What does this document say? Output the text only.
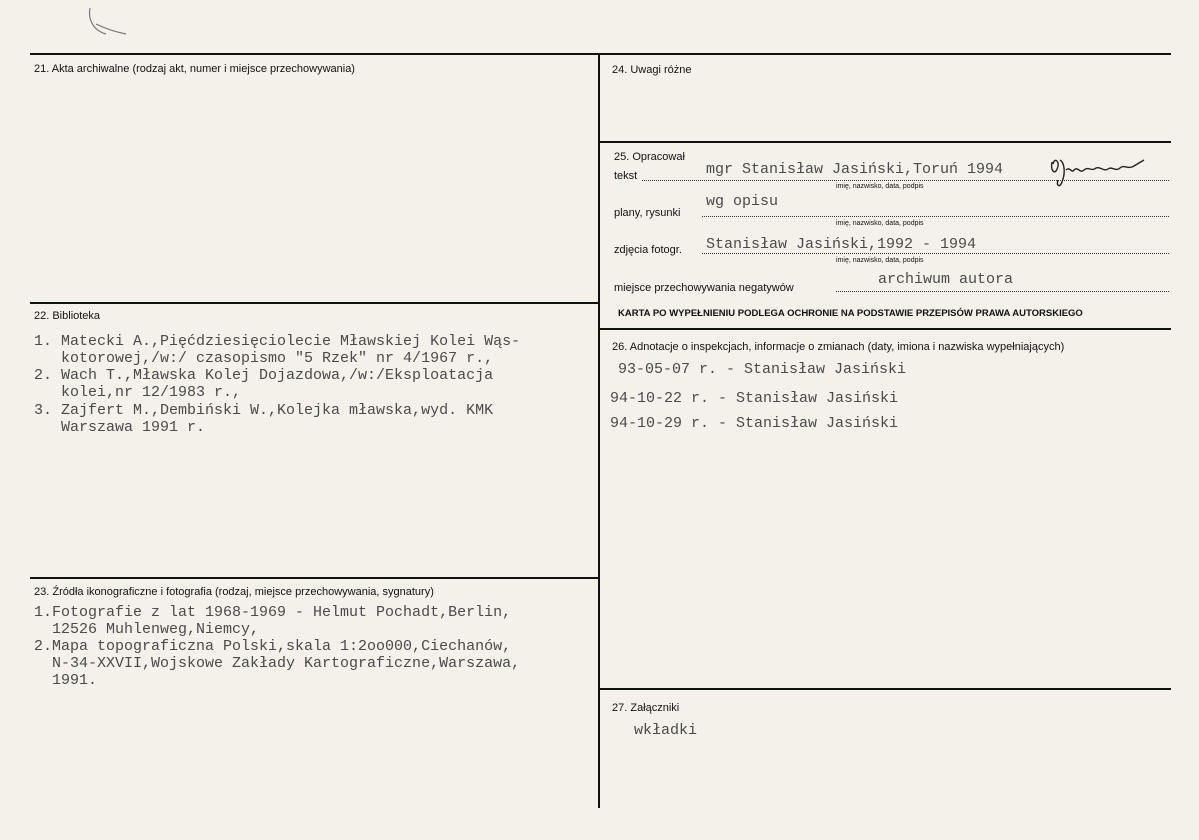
21. Akta archiwalne (rodzaj akt, numer i miejsce przechowywania)
22. Biblioteka
1. Matecki A.,Pięćdziesięciolecie Mławskiej Kolei Wąs-
kotorowej,/w:/ czasopismo "5 Rzek" nr 4/1967 r.,
2. Wach T.,Mławska Kolej Dojazdowa,/w:/Eksploatacja
kolei,nr 12/1983 r.,
3. Zajfert M.,Dembiński W.,Kolejka mławska,wyd. KMK
Warszawa 1991 r.
23. Źródła ikonograficzne i fotografia (rodzaj, miejsce przechowywania, sygnatury)
1.Fotografie z lat 1968-1969 - Helmut Pochadt,Berlin,
12526 Muhlenweg,Niemcy,
2.Mapa topograficzna Polski,skala 1:2oo000,Ciechanów,
N-34-XXVII,Wojskowe Zakłady Kartograficzne,Warszawa,
1991.
24. Uwagi różne
25. Opracował
tekst	mgr Stanisław Jasiński,Toruń 1994
imię, nazwisko, data, podpis
plany, rysunki
wg opisu
imię, nazwisko, data, podpis
zdjęcia fotogr. Stanisław Jasiński,1992 - 1994
imię, nazwisko, data, podpis
miejsce przechowywania negatywów	archiwum autora
KARTA PO WYPEŁNIENIU PODLEGA OCHRONIE NA PODSTAWIE PRZEPISÓW PRAWA AUTORSKIEGO
26. Adnotacje o inspekcjach, informacje o zmianach (daty, imiona i nazwiska wypełniających)
93-05-07 r. - Stanisław Jasiński
94-10-22 r. - Stanisław Jasiński
94-10-29 r. - Stanisław Jasiński
27. Załączniki
wkładki
